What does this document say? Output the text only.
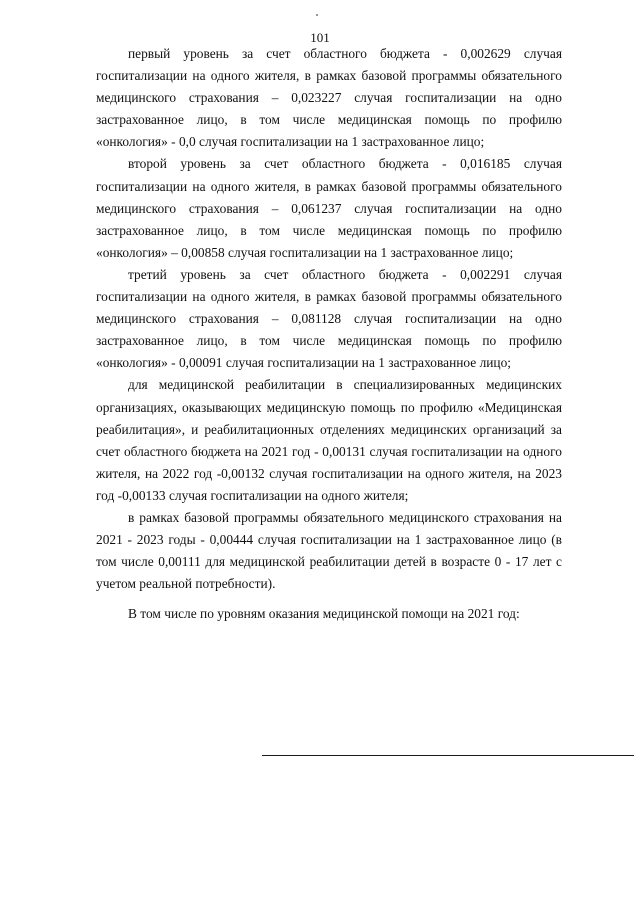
101

первый уровень за счет областного бюджета - 0,002629 случая госпитализации на одного жителя, в рамках базовой программы обязательного медицинского страхования – 0,023227 случая госпитализации на одно застрахованное лицо, в том числе медицинская помощь по профилю «онкология» - 0,0 случая госпитализации на 1 застрахованное лицо;

второй уровень за счет областного бюджета - 0,016185 случая госпитализации на одного жителя, в рамках базовой программы обязательного медицинского страхования – 0,061237 случая госпитализации на одно застрахованное лицо, в том числе медицинская помощь по профилю «онкология» – 0,00858 случая госпитализации на 1 застрахованное лицо;

третий уровень за счет областного бюджета - 0,002291 случая госпитализации на одного жителя, в рамках базовой программы обязательного медицинского страхования – 0,081128 случая госпитализации на одно застрахованное лицо, в том числе медицинская помощь по профилю «онкология» - 0,00091 случая госпитализации на 1 застрахованное лицо;

для медицинской реабилитации в специализированных медицинских организациях, оказывающих медицинскую помощь по профилю «Медицинская реабилитация», и реабилитационных отделениях медицинских организаций за счет областного бюджета на 2021 год - 0,00131 случая госпитализации на одного жителя, на 2022 год -0,00132 случая госпитализации на одного жителя, на 2023 год -0,00133 случая госпитализации на одного жителя;

в рамках базовой программы обязательного медицинского страхования на 2021 - 2023 годы - 0,00444 случая госпитализации на 1 застрахованное лицо (в том числе 0,00111 для медицинской реабилитации детей в возрасте 0 - 17 лет с учетом реальной потребности).

В том числе по уровням оказания медицинской помощи на 2021 год:
